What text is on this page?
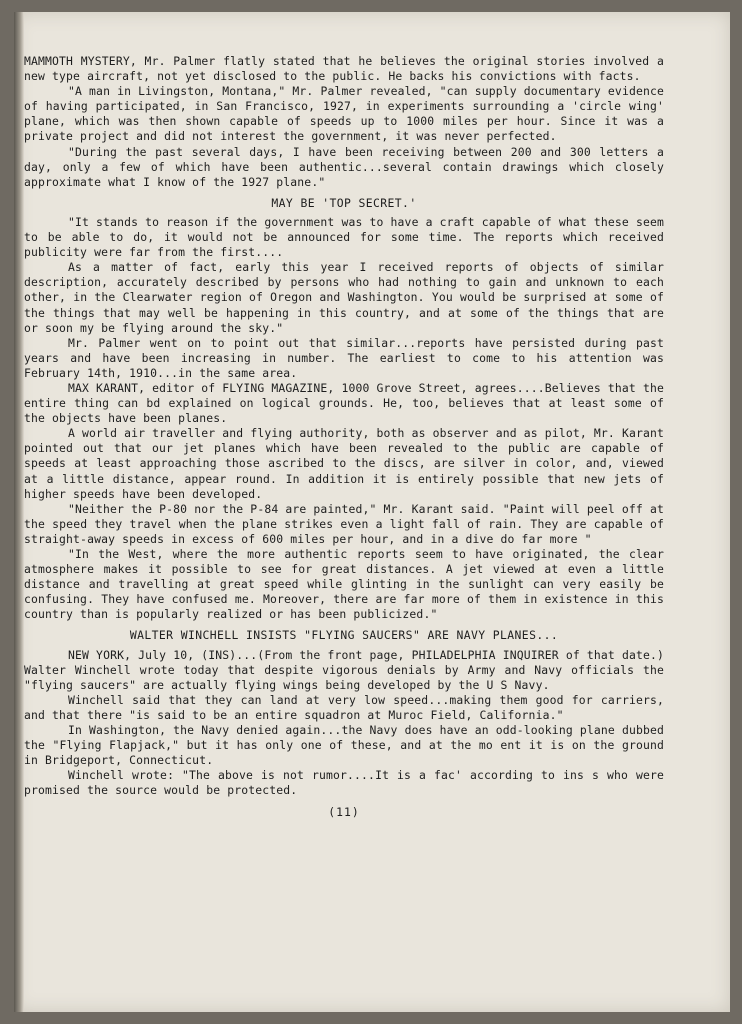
MAMMOTH MYSTERY, Mr. Palmer flatly stated that he believes the original stories involved a new type aircraft, not yet disclosed to the public. He backs his convictions with facts.

"A man in Livingston, Montana," Mr. Palmer revealed, "can supply documentary evidence of having participated, in San Francisco, 1927, in experiments surrounding a 'circle wing' plane, which was then shown capable of speeds up to 1000 miles per hour. Since it was a private project and did not interest the government, it was never perfected.

"During the past several days, I have been receiving between 200 and 300 letters a day, only a few of which have been authentic...several contain drawings which closely approximate what I know of the 1927 plane."

MAY BE 'TOP SECRET.'

"It stands to reason if the government was to have a craft capable of what these seem to be able to do, it would not be announced for some time. The reports which received publicity were far from the first....

As a matter of fact, early this year I received reports of objects of similar description, accurately described by persons who had nothing to gain and unknown to each other, in the Clearwater region of Oregon and Washington. You would be surprised at some of the things that may well be happening in this country, and at some of the things that are or soon my be flying around the sky."

Mr. Palmer went on to point out that similar...reports have persisted during past years and have been increasing in number. The earliest to come to his attention was February 14th, 1910...in the same area.

MAX KARANT, editor of FLYING MAGAZINE, 1000 Grove Street, agrees....Believes that the entire thing can bd explained on logical grounds. He, too, believes that at least some of the objects have been planes.

A world air traveller and flying authority, both as observer and as pilot, Mr. Karant pointed out that our jet planes which have been revealed to the public are capable of speeds at least approaching those ascribed to the discs, are silver in color, and, viewed at a little distance, appear round. In addition it is entirely possible that new jets of higher speeds have been developed.

"Neither the P-80 nor the P-84 are painted," Mr. Karant said. "Paint will peel off at the speed they travel when the plane strikes even a light fall of rain. They are capable of straight-away speeds in excess of 600 miles per hour, and in a dive do far more "

"In the West, where the more authentic reports seem to have originated, the clear atmosphere makes it possible to see for great distances. A jet viewed at even a little distance and travelling at great speed while glinting in the sunlight can very easily be confusing. They have confused me. Moreover, there are far more of them in existence in this country than is popularly realized or has been publicized."

WALTER WINCHELL INSISTS "FLYING SAUCERS" ARE NAVY PLANES...

NEW YORK, July 10, (INS)...(From the front page, PHILADELPHIA INQUIRER of that date.) Walter Winchell wrote today that despite vigorous denials by Army and Navy officials the "flying saucers" are actually flying wings being developed by the U S Navy.

Winchell said that they can land at very low speed...making them good for carriers, and that there "is said to be an entire squadron at Muroc Field, California."

In Washington, the Navy denied again...the Navy does have an odd-looking plane dubbed the "Flying Flapjack," but it has only one of these, and at the mo ent it is on the ground in Bridgeport, Connecticut.

Winchell wrote: "The above is not rumor....It is a fac' according to ins s who were promised the source would be protected.

(11)
